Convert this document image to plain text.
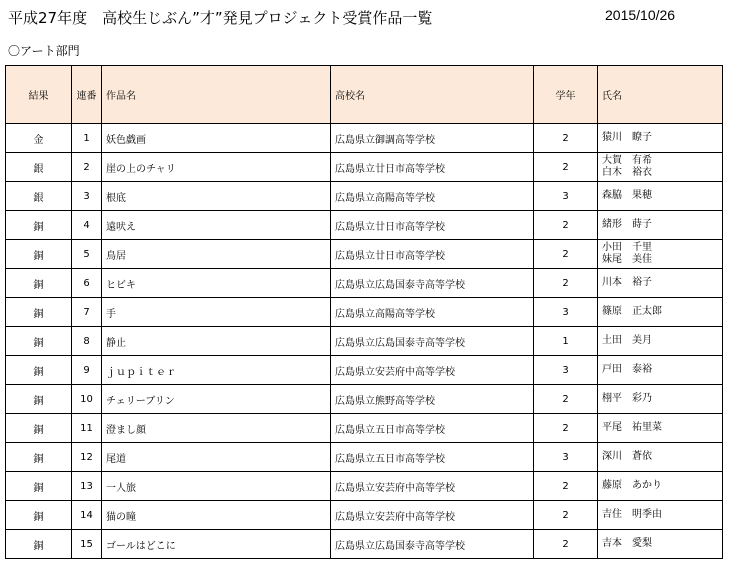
平成27年度　高校生じぶん”才”発見プロジェクト受賞作品一覧	2015/10/26
〇アート部門
結果	連番	作品名	高校名	学年	氏名
金	1	妖色戯画	広島県立御調高等学校	2	猿川　瞭子

銀	2	崖の上のチャリ	広島県立廿日市高等学校	2	大賀　有希
白木　裕衣

銀	3	根底	広島県立高陽高等学校	3	森脇　果穂

銅	4	遠吠え	広島県立廿日市高等学校	2	緒形　蒔子

銅	5	鳥居	広島県立廿日市高等学校	2	小田　千里
妹尾　美佳

銅	6	ヒビキ	広島県立広島国泰寺高等学校	2	川本　裕子

銅	7	手	広島県立高陽高等学校	3	篠原　正太郎

銅	8	静止	広島県立広島国泰寺高等学校	1	土田　美月

銅	9	ｊｕｐｉｔｅｒ	広島県立安芸府中高等学校	3	戸田　泰裕

銅	10	チェリーブリン	広島県立熊野高等学校	2	栩平　彩乃

銅	11	澄まし顔	広島県立五日市高等学校	2	平尾　祐里菜

銅	12	尾道	広島県立五日市高等学校	3	深川　蒼依

銅	13	一人旅	広島県立安芸府中高等学校	2	藤原　あかり

銅	14	猫の瞳	広島県立安芸府中高等学校	2	吉住　明季由

銅	15	ゴールはどこに	広島県立広島国泰寺高等学校	2	吉本　愛梨
